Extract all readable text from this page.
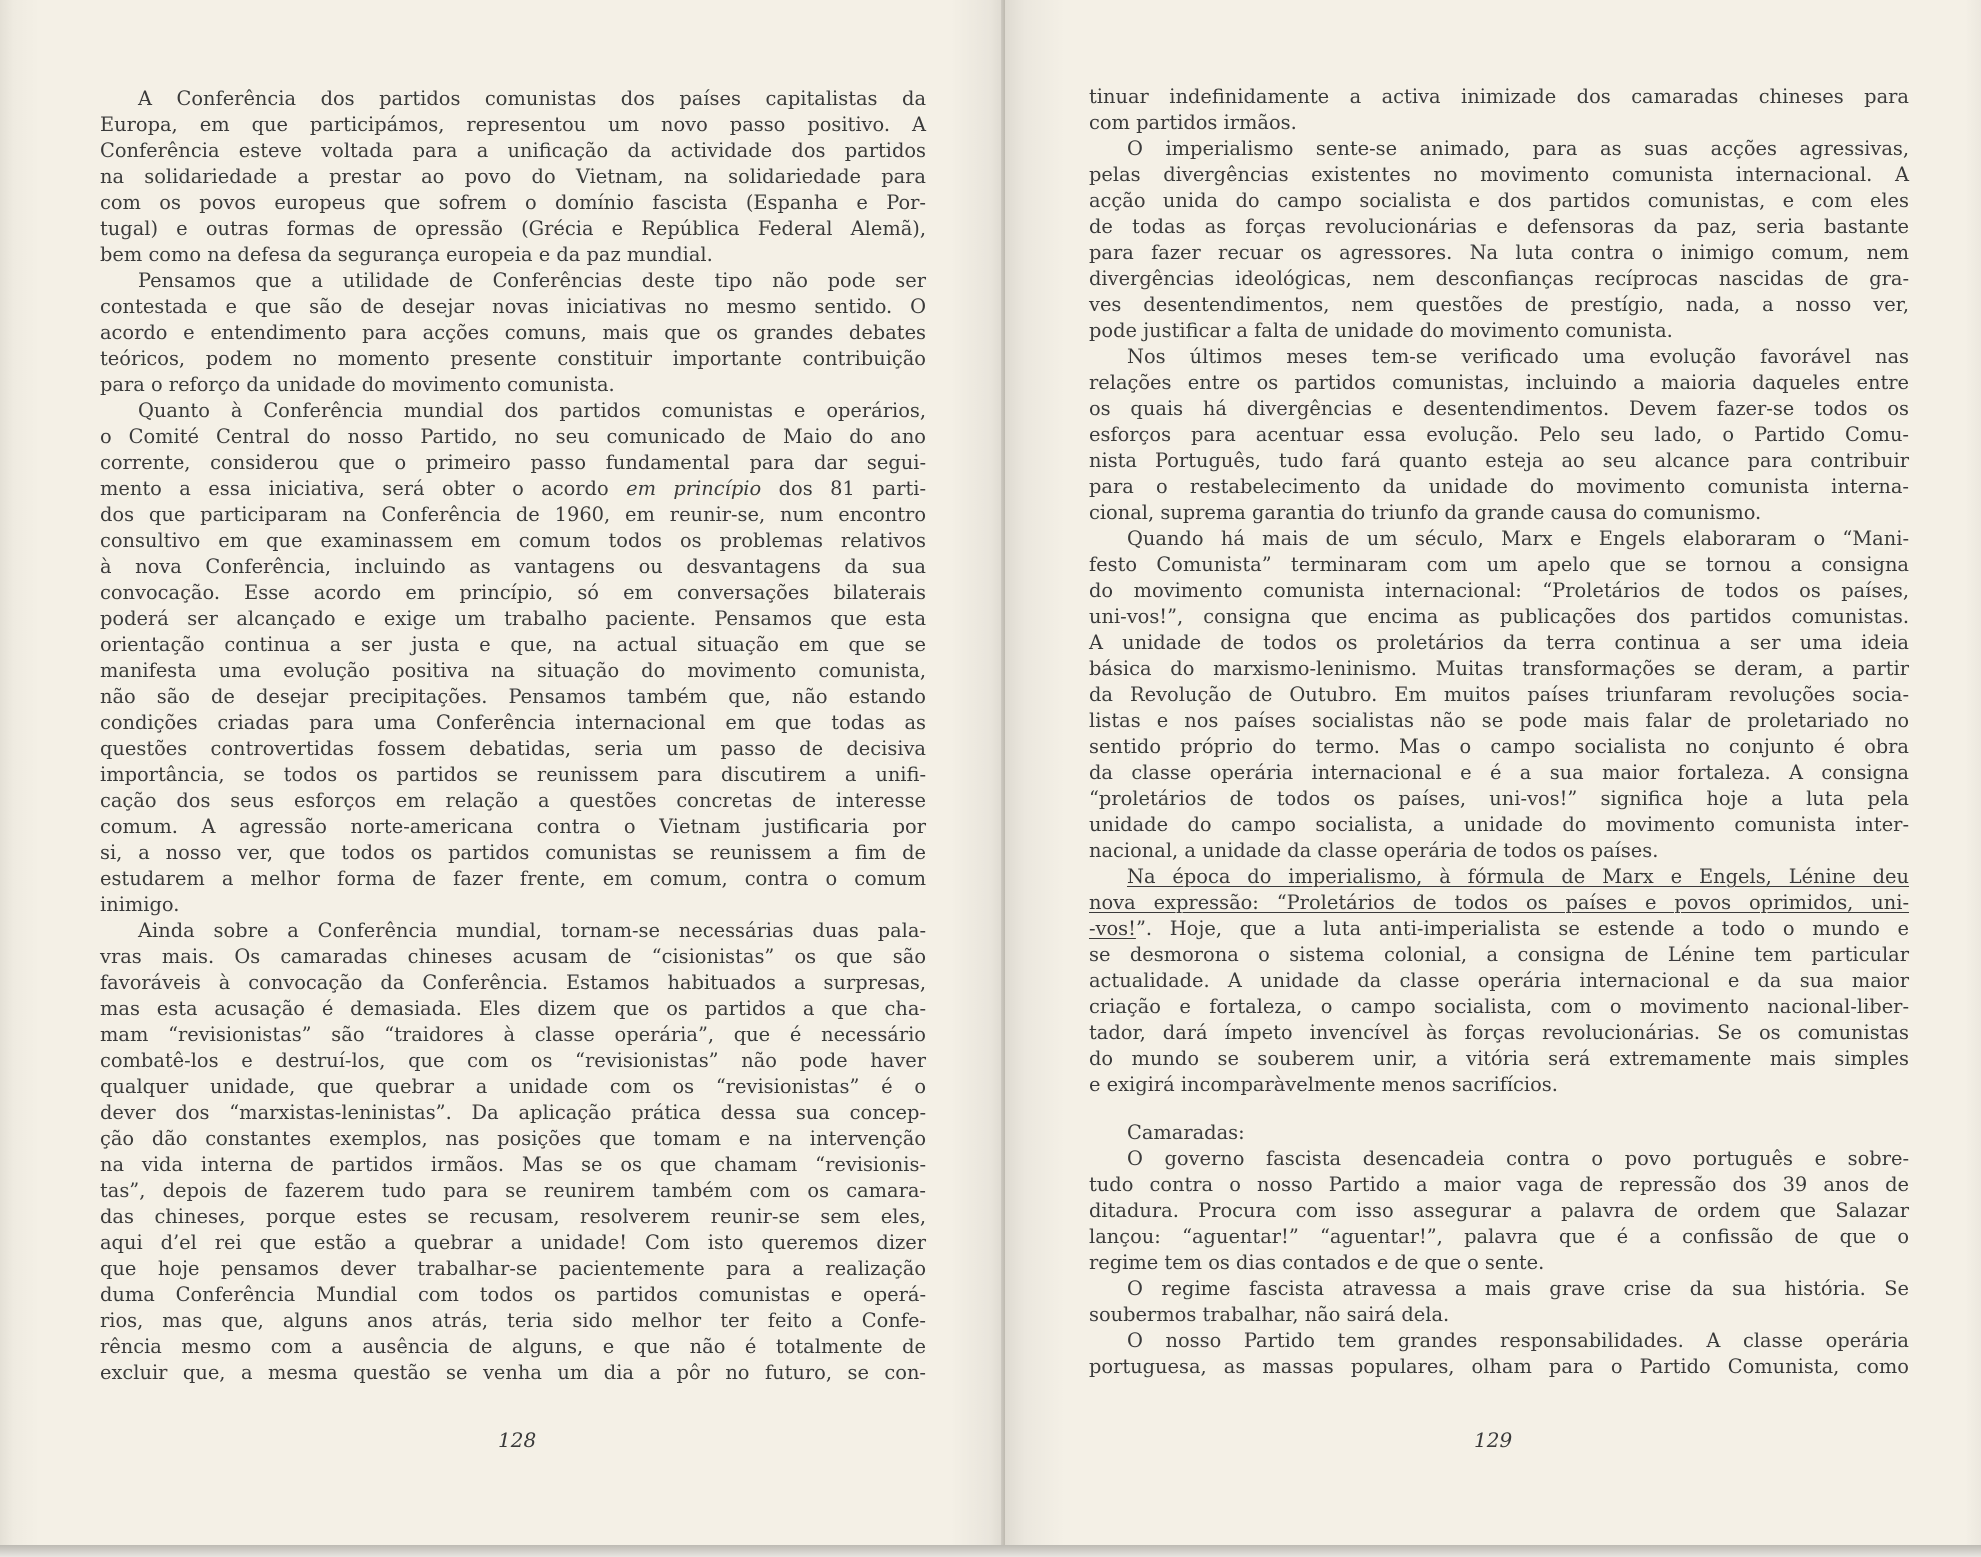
A Conferência dos partidos comunistas dos países capitalistas da
Europa, em que participámos, representou um novo passo positivo. A
Conferência esteve voltada para a unificação da actividade dos partidos
na solidariedade a prestar ao povo do Vietnam, na solidariedade para
com os povos europeus que sofrem o domínio fascista (Espanha e Por-
tugal) e outras formas de opressão (Grécia e República Federal Alemã),
bem como na defesa da segurança europeia e da paz mundial.
Pensamos que a utilidade de Conferências deste tipo não pode ser
contestada e que são de desejar novas iniciativas no mesmo sentido. O
acordo e entendimento para acções comuns, mais que os grandes debates
teóricos, podem no momento presente constituir importante contribuição
para o reforço da unidade do movimento comunista.
Quanto à Conferência mundial dos partidos comunistas e operários,
o Comité Central do nosso Partido, no seu comunicado de Maio do ano
corrente, considerou que o primeiro passo fundamental para dar segui-
mento a essa iniciativa, será obter o acordo em princípio dos 81 parti-
dos que participaram na Conferência de 1960, em reunir-se, num encontro
consultivo em que examinassem em comum todos os problemas relativos
à nova Conferência, incluindo as vantagens ou desvantagens da sua
convocação. Esse acordo em princípio, só em conversações bilaterais
poderá ser alcançado e exige um trabalho paciente. Pensamos que esta
orientação continua a ser justa e que, na actual situação em que se
manifesta uma evolução positiva na situação do movimento comunista,
não são de desejar precipitações. Pensamos também que, não estando
condições criadas para uma Conferência internacional em que todas as
questões controvertidas fossem debatidas, seria um passo de decisiva
importância, se todos os partidos se reunissem para discutirem a unifi-
cação dos seus esforços em relação a questões concretas de interesse
comum. A agressão norte-americana contra o Vietnam justificaria por
si, a nosso ver, que todos os partidos comunistas se reunissem a fim de
estudarem a melhor forma de fazer frente, em comum, contra o comum
inimigo.
Ainda sobre a Conferência mundial, tornam-se necessárias duas pala-
vras mais. Os camaradas chineses acusam de “cisionistas” os que são
favoráveis à convocação da Conferência. Estamos habituados a surpresas,
mas esta acusação é demasiada. Eles dizem que os partidos a que cha-
mam “revisionistas” são “traidores à classe operária”, que é necessário
combatê-los e destruí-los, que com os “revisionistas” não pode haver
qualquer unidade, que quebrar a unidade com os “revisionistas” é o
dever dos “marxistas-leninistas”. Da aplicação prática dessa sua concep-
ção dão constantes exemplos, nas posições que tomam e na intervenção
na vida interna de partidos irmãos. Mas se os que chamam “revisionis-
tas”, depois de fazerem tudo para se reunirem também com os camara-
das chineses, porque estes se recusam, resolverem reunir-se sem eles,
aqui d’el rei que estão a quebrar a unidade! Com isto queremos dizer
que hoje pensamos dever trabalhar-se pacientemente para a realização
duma Conferência Mundial com todos os partidos comunistas e operá-
rios, mas que, alguns anos atrás, teria sido melhor ter feito a Confe-
rência mesmo com a ausência de alguns, e que não é totalmente de
excluir que, a mesma questão se venha um dia a pôr no futuro, se con-

128

tinuar indefinidamente a activa inimizade dos camaradas chineses para
com partidos irmãos.
O imperialismo sente-se animado, para as suas acções agressivas,
pelas divergências existentes no movimento comunista internacional. A
acção unida do campo socialista e dos partidos comunistas, e com eles
de todas as forças revolucionárias e defensoras da paz, seria bastante
para fazer recuar os agressores. Na luta contra o inimigo comum, nem
divergências ideológicas, nem desconfianças recíprocas nascidas de gra-
ves desentendimentos, nem questões de prestígio, nada, a nosso ver,
pode justificar a falta de unidade do movimento comunista.
Nos últimos meses tem-se verificado uma evolução favorável nas
relações entre os partidos comunistas, incluindo a maioria daqueles entre
os quais há divergências e desentendimentos. Devem fazer-se todos os
esforços para acentuar essa evolução. Pelo seu lado, o Partido Comu-
nista Português, tudo fará quanto esteja ao seu alcance para contribuir
para o restabelecimento da unidade do movimento comunista interna-
cional, suprema garantia do triunfo da grande causa do comunismo.
Quando há mais de um século, Marx e Engels elaboraram o “Mani-
festo Comunista” terminaram com um apelo que se tornou a consigna
do movimento comunista internacional: “Proletários de todos os países,
uni-vos!”, consigna que encima as publicações dos partidos comunistas.
A unidade de todos os proletários da terra continua a ser uma ideia
básica do marxismo-leninismo. Muitas transformações se deram, a partir
da Revolução de Outubro. Em muitos países triunfaram revoluções socia-
listas e nos países socialistas não se pode mais falar de proletariado no
sentido próprio do termo. Mas o campo socialista no conjunto é obra
da classe operária internacional e é a sua maior fortaleza. A consigna
“proletários de todos os países, uni-vos!” significa hoje a luta pela
unidade do campo socialista, a unidade do movimento comunista inter-
nacional, a unidade da classe operária de todos os países.
Na época do imperialismo, à fórmula de Marx e Engels, Lénine deu
nova expressão: “Proletários de todos os países e povos oprimidos, uni-
-vos!”. Hoje, que a luta anti-imperialista se estende a todo o mundo e
se desmorona o sistema colonial, a consigna de Lénine tem particular
actualidade. A unidade da classe operária internacional e da sua maior
criação e fortaleza, o campo socialista, com o movimento nacional-liber-
tador, dará ímpeto invencível às forças revolucionárias. Se os comunistas
do mundo se souberem unir, a vitória será extremamente mais simples
e exigirá incomparàvelmente menos sacrifícios.
Camaradas:
O governo fascista desencadeia contra o povo português e sobre-
tudo contra o nosso Partido a maior vaga de repressão dos 39 anos de
ditadura. Procura com isso assegurar a palavra de ordem que Salazar
lançou: “aguentar!” “aguentar!”, palavra que é a confissão de que o
regime tem os dias contados e de que o sente.
O regime fascista atravessa a mais grave crise da sua história. Se
soubermos trabalhar, não sairá dela.
O nosso Partido tem grandes responsabilidades. A classe operária
portuguesa, as massas populares, olham para o Partido Comunista, como

129
